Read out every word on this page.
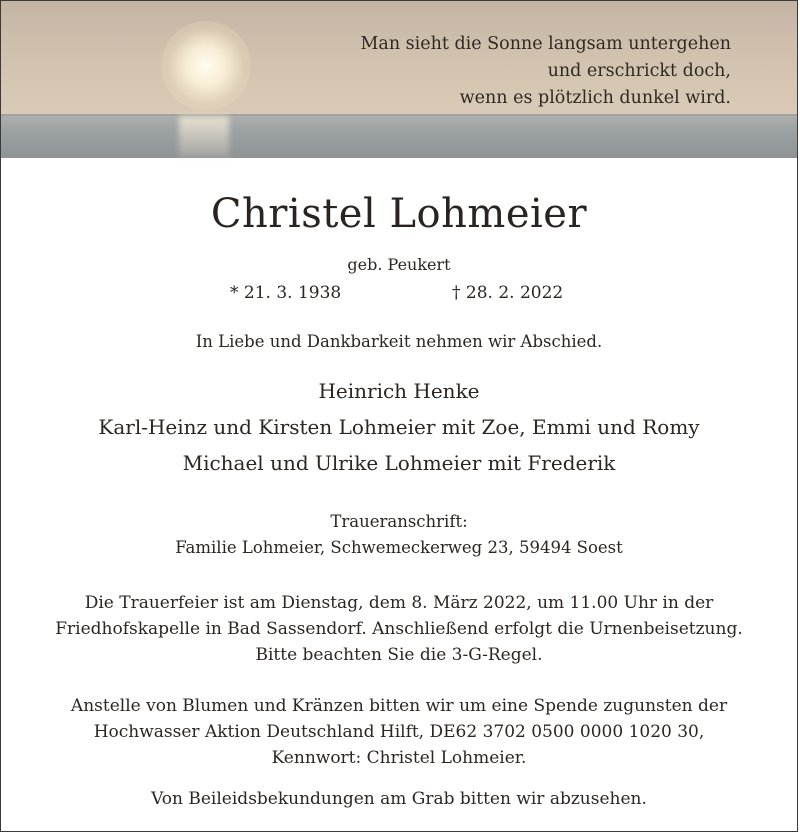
Man sieht die Sonne langsam untergehen
und erschrickt doch,
wenn es plötzlich dunkel wird.
Christel Lohmeier
geb. Peukert
* 21. 3. 1938	† 28. 2. 2022
In Liebe und Dankbarkeit nehmen wir Abschied.
Heinrich Henke
Karl-Heinz und Kirsten Lohmeier mit Zoe, Emmi und Romy
Michael und Ulrike Lohmeier mit Frederik
Traueranschrift:
Familie Lohmeier, Schwemeckerweg 23, 59494 Soest
Die Trauerfeier ist am Dienstag, dem 8. März 2022, um 11.00 Uhr in der
Friedhofskapelle in Bad Sassendorf. Anschließend erfolgt die Urnenbeisetzung.
Bitte beachten Sie die 3-G-Regel.
Anstelle von Blumen und Kränzen bitten wir um eine Spende zugunsten der
Hochwasser Aktion Deutschland Hilft, DE62 3702 0500 0000 1020 30,
Kennwort: Christel Lohmeier.
Von Beileidsbekundungen am Grab bitten wir abzusehen.
